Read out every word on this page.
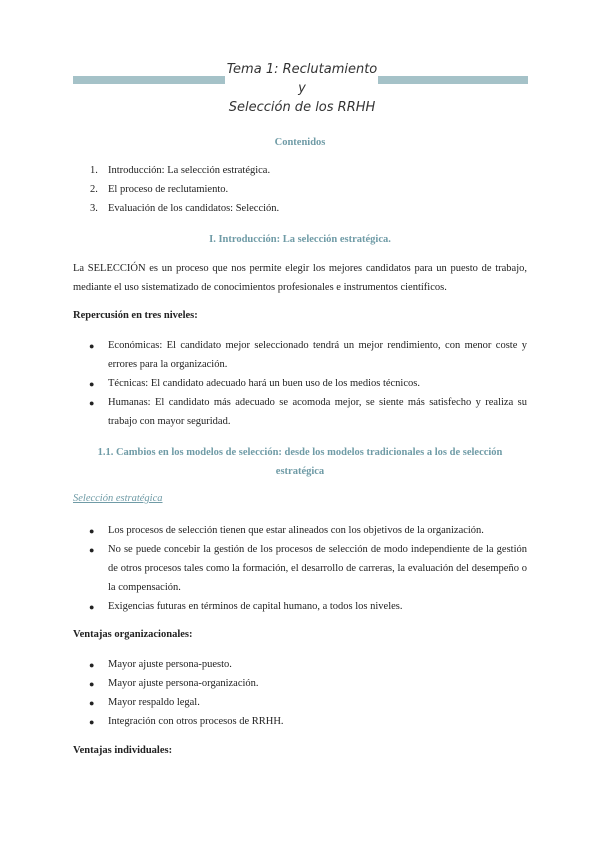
Tema 1: Reclutamiento y
Selección de los RRHH
Contenidos
1. Introducción: La selección estratégica.
2. El proceso de reclutamiento.
3. Evaluación de los candidatos: Selección.
I. Introducción: La selección estratégica.
La SELECCIÓN es un proceso que nos permite elegir los mejores candidatos para un puesto de trabajo, mediante el uso sistematizado de conocimientos profesionales e instrumentos científicos.
Repercusión en tres niveles:
● Económicas: El candidato mejor seleccionado tendrá un mejor rendimiento, con menor coste y errores para la organización.
● Técnicas: El candidato adecuado hará un buen uso de los medios técnicos.
● Humanas: El candidato más adecuado se acomoda mejor, se siente más satisfecho y realiza su trabajo con mayor seguridad.
1.1. Cambios en los modelos de selección: desde los modelos tradicionales a los de selección
estratégica
Selección estratégica
● Los procesos de selección tienen que estar alineados con los objetivos de la organización.
● No se puede concebir la gestión de los procesos de selección de modo independiente de la gestión de otros procesos tales como la formación, el desarrollo de carreras, la evaluación del desempeño o la compensación.
● Exigencias futuras en términos de capital humano, a todos los niveles.
Ventajas organizacionales:
● Mayor ajuste persona-puesto.
● Mayor ajuste persona-organización.
● Mayor respaldo legal.
● Integración con otros procesos de RRHH.
Ventajas individuales:
